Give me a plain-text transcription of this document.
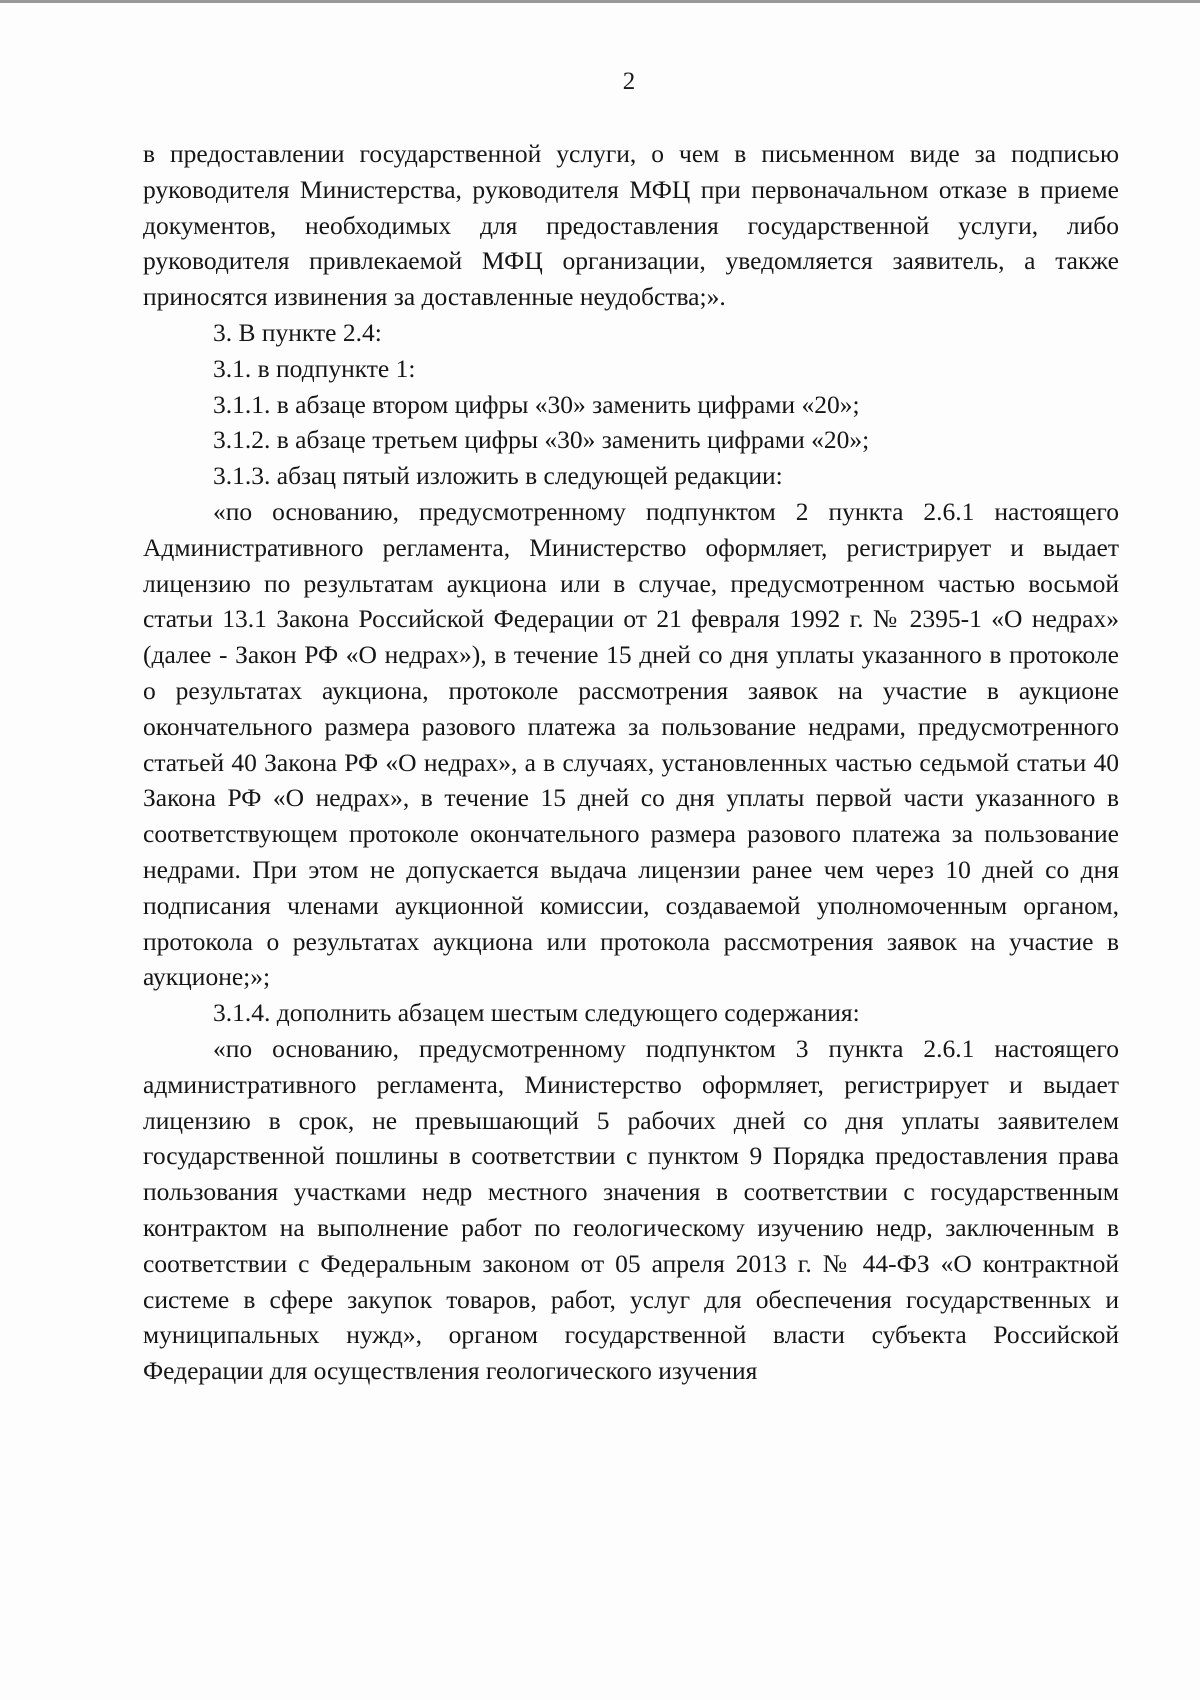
2

в предоставлении государственной услуги, о чем в письменном виде за подписью руководителя Министерства, руководителя МФЦ при первоначальном отказе в приеме документов, необходимых для предоставления государственной услуги, либо руководителя привлекаемой МФЦ организации, уведомляется заявитель, а также приносятся извинения за доставленные неудобства;».

3. В пункте 2.4:

3.1. в подпункте 1:

3.1.1. в абзаце втором цифры «30» заменить цифрами «20»;

3.1.2. в абзаце третьем цифры «30» заменить цифрами «20»;

3.1.3. абзац пятый изложить в следующей редакции:

«по основанию, предусмотренному подпунктом 2 пункта 2.6.1 настоящего Административного регламента, Министерство оформляет, регистрирует и выдает лицензию по результатам аукциона или в случае, предусмотренном частью восьмой статьи 13.1 Закона Российской Федерации от 21 февраля 1992 г. № 2395-1 «О недрах» (далее - Закон РФ «О недрах»), в течение 15 дней со дня уплаты указанного в протоколе о результатах аукциона, протоколе рассмотрения заявок на участие в аукционе окончательного размера разового платежа за пользование недрами, предусмотренного статьей 40 Закона РФ «О недрах», а в случаях, установленных частью седьмой статьи 40 Закона РФ «О недрах», в течение 15 дней со дня уплаты первой части указанного в соответствующем протоколе окончательного размера разового платежа за пользование недрами. При этом не допускается выдача лицензии ранее чем через 10 дней со дня подписания членами аукционной комиссии, создаваемой уполномоченным органом, протокола о результатах аукциона или протокола рассмотрения заявок на участие в аукционе;»;

3.1.4. дополнить абзацем шестым следующего содержания:

«по основанию, предусмотренному подпунктом 3 пункта 2.6.1 настоящего административного регламента, Министерство оформляет, регистрирует и выдает лицензию в срок, не превышающий 5 рабочих дней со дня уплаты заявителем государственной пошлины в соответствии с пунктом 9 Порядка предоставления права пользования участками недр местного значения в соответствии с государственным контрактом на выполнение работ по геологическому изучению недр, заключенным в соответствии с Федеральным законом от 05 апреля 2013 г. № 44-ФЗ «О контрактной системе в сфере закупок товаров, работ, услуг для обеспечения государственных и муниципальных нужд», органом государственной власти субъекта Российской Федерации для осуществления геологического изучения
